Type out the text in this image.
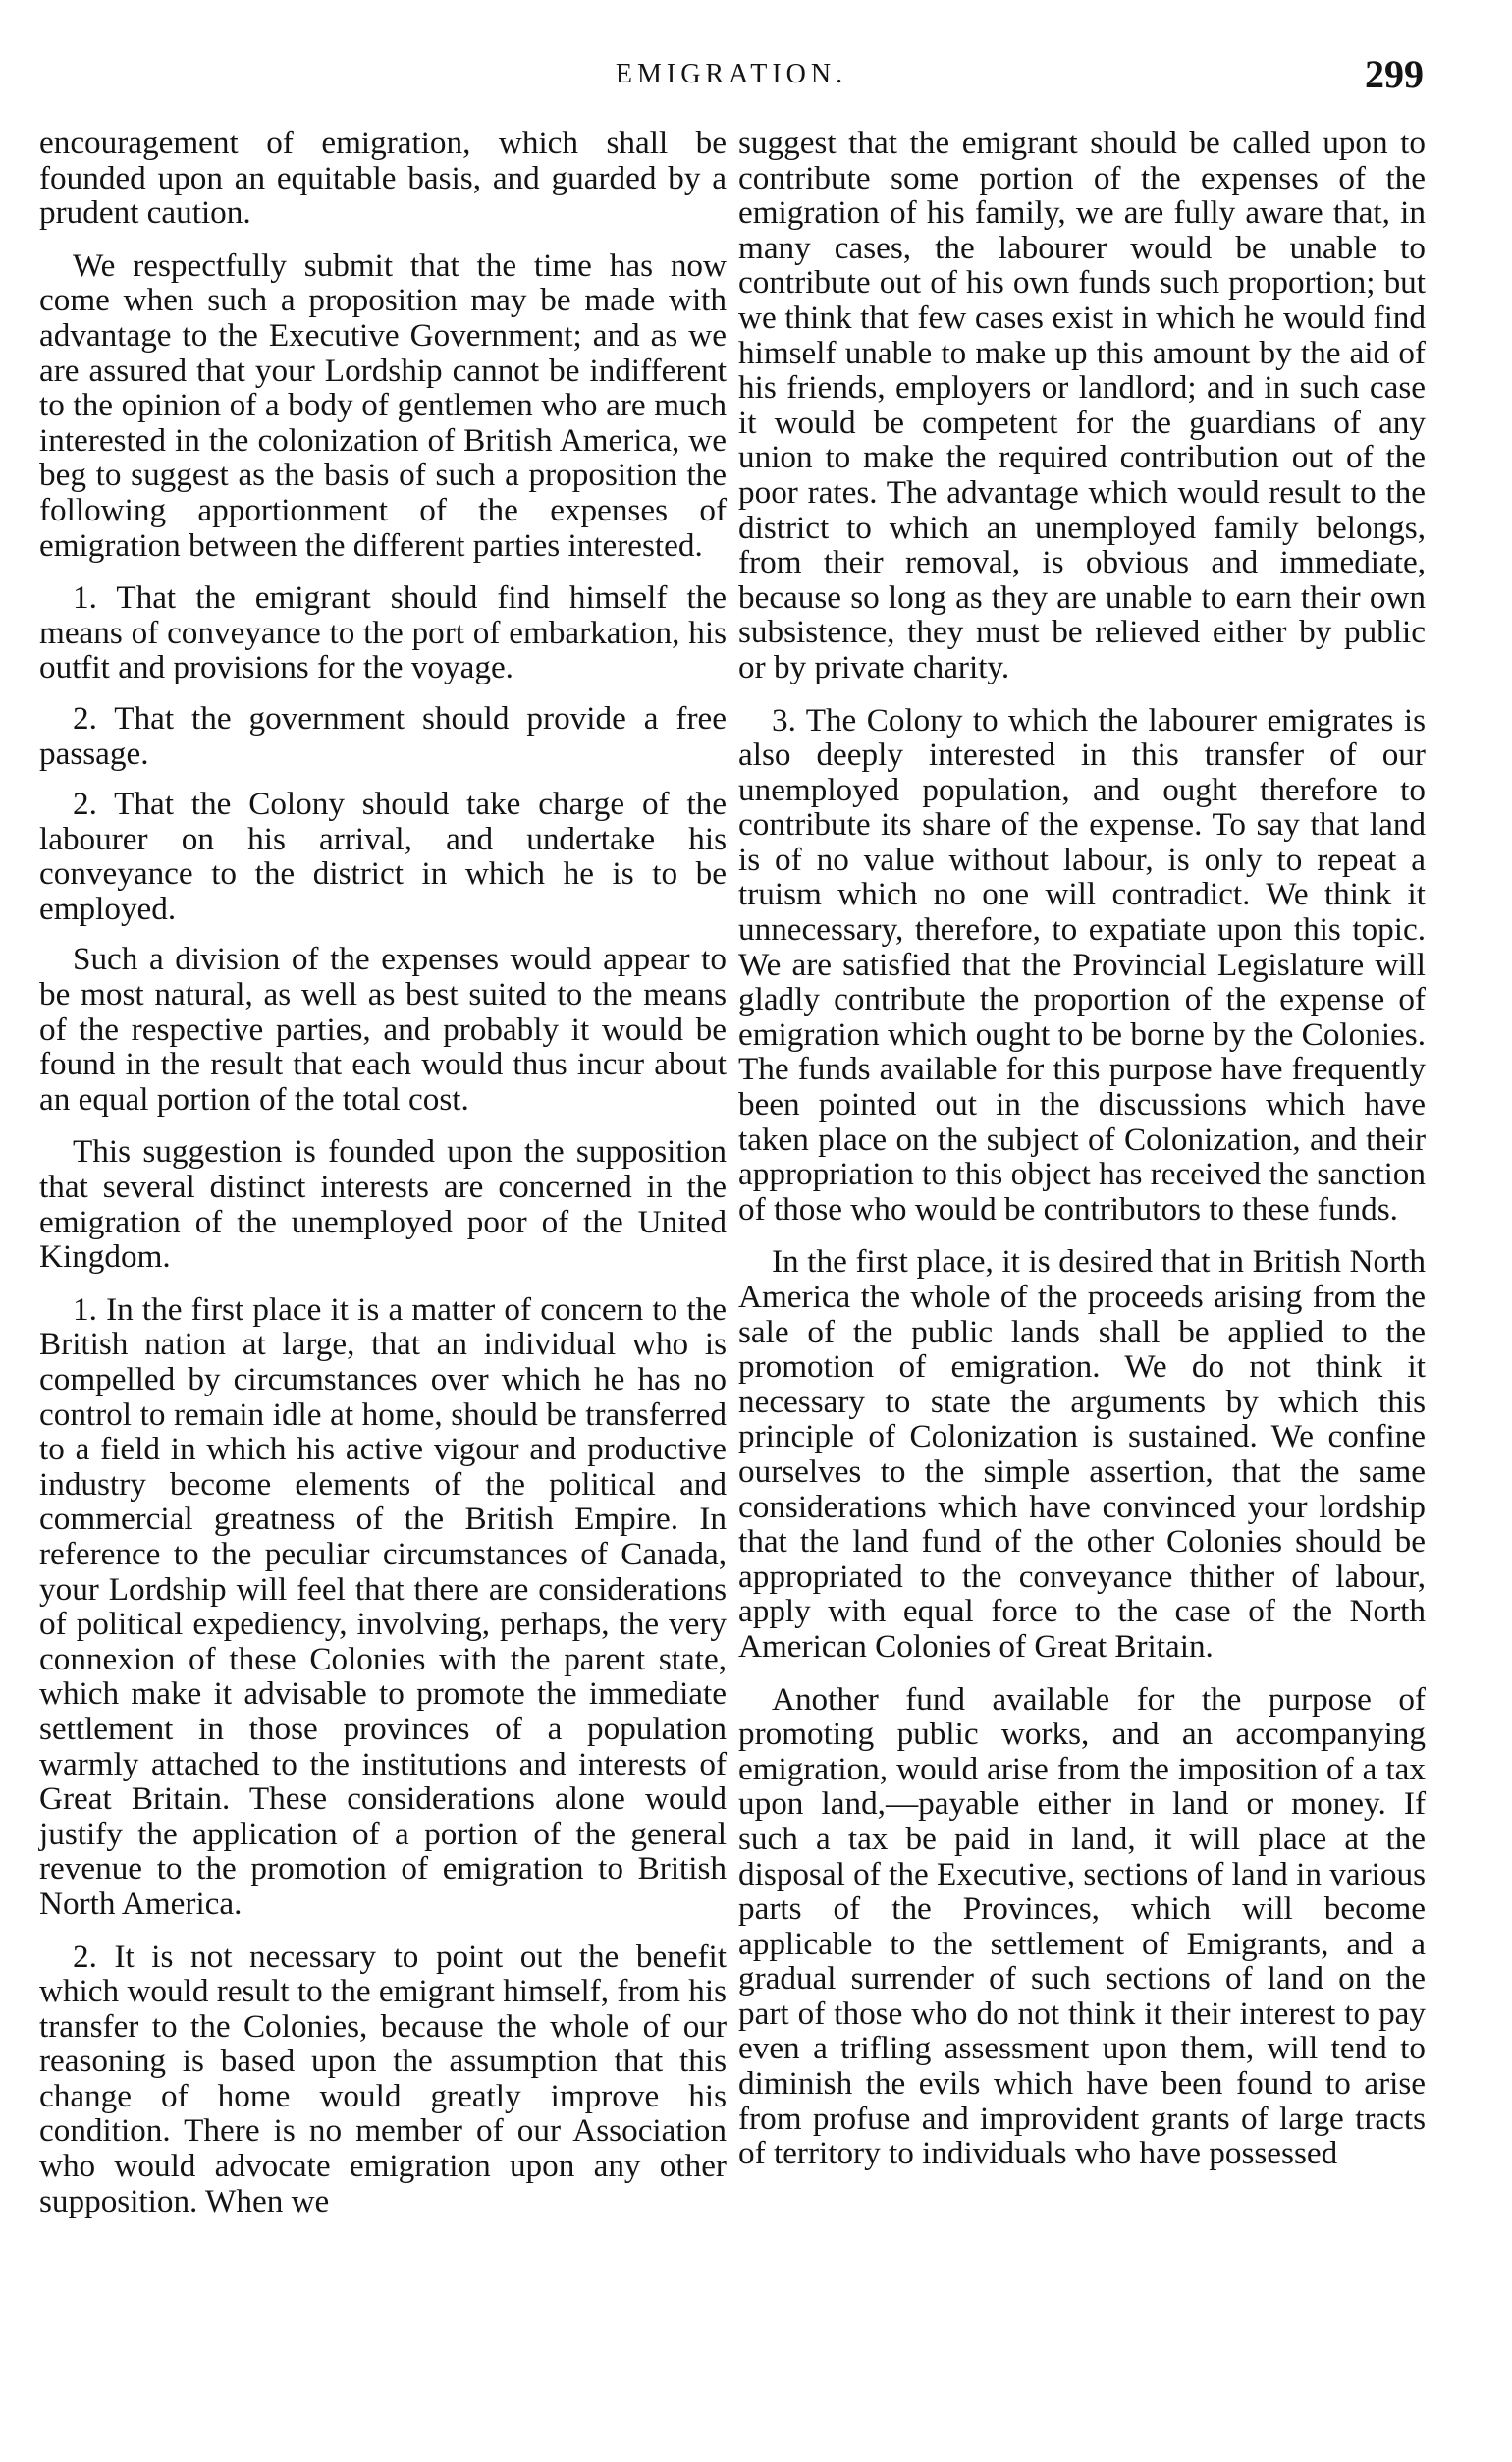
EMIGRATION.	299

encouragement of emigration, which shall be founded upon an equitable basis, and guarded by a prudent caution.

We respectfully submit that the time has now come when such a proposition may be made with advantage to the Executive Government; and as we are assured that your Lordship cannot be indifferent to the opinion of a body of gentlemen who are much interested in the colonization of British America, we beg to suggest as the basis of such a proposition the following apportionment of the expenses of emigration between the different parties interested.

1. That the emigrant should find himself the means of conveyance to the port of embarkation, his outfit and provisions for the voyage.

2. That the government should provide a free passage.

2. That the Colony should take charge of the labourer on his arrival, and undertake his conveyance to the district in which he is to be employed.

Such a division of the expenses would appear to be most natural, as well as best suited to the means of the respective parties, and probably it would be found in the result that each would thus incur about an equal portion of the total cost.

This suggestion is founded upon the supposition that several distinct interests are concerned in the emigration of the unemployed poor of the United Kingdom.

1. In the first place it is a matter of concern to the British nation at large, that an individual who is compelled by circumstances over which he has no control to remain idle at home, should be transferred to a field in which his active vigour and productive industry become elements of the political and commercial greatness of the British Empire. In reference to the peculiar circumstances of Canada, your Lordship will feel that there are considerations of political expediency, involving, perhaps, the very connexion of these Colonies with the parent state, which make it advisable to promote the immediate settlement in those provinces of a population warmly attached to the institutions and interests of Great Britain. These considerations alone would justify the application of a portion of the general revenue to the promotion of emigration to British North America.

2. It is not necessary to point out the benefit which would result to the emigrant himself, from his transfer to the Colonies, because the whole of our reasoning is based upon the assumption that this change of home would greatly improve his condition. There is no member of our Association who would advocate emigration upon any other supposition. When we

suggest that the emigrant should be called upon to contribute some portion of the expenses of the emigration of his family, we are fully aware that, in many cases, the labourer would be unable to contribute out of his own funds such proportion; but we think that few cases exist in which he would find himself unable to make up this amount by the aid of his friends, employers or landlord; and in such case it would be competent for the guardians of any union to make the required contribution out of the poor rates. The advantage which would result to the district to which an unemployed family belongs, from their removal, is obvious and immediate, because so long as they are unable to earn their own subsistence, they must be relieved either by public or by private charity.

3. The Colony to which the labourer emigrates is also deeply interested in this transfer of our unemployed population, and ought therefore to contribute its share of the expense. To say that land is of no value without labour, is only to repeat a truism which no one will contradict. We think it unnecessary, therefore, to expatiate upon this topic. We are satisfied that the Provincial Legislature will gladly contribute the proportion of the expense of emigration which ought to be borne by the Colonies. The funds available for this purpose have frequently been pointed out in the discussions which have taken place on the subject of Colonization, and their appropriation to this object has received the sanction of those who would be contributors to these funds.

In the first place, it is desired that in British North America the whole of the proceeds arising from the sale of the public lands shall be applied to the promotion of emigration. We do not think it necessary to state the arguments by which this principle of Colonization is sustained. We confine ourselves to the simple assertion, that the same considerations which have convinced your lordship that the land fund of the other Colonies should be appropriated to the conveyance thither of labour, apply with equal force to the case of the North American Colonies of Great Britain.

Another fund available for the purpose of promoting public works, and an accompanying emigration, would arise from the imposition of a tax upon land,—payable either in land or money. If such a tax be paid in land, it will place at the disposal of the Executive, sections of land in various parts of the Provinces, which will become applicable to the settlement of Emigrants, and a gradual surrender of such sections of land on the part of those who do not think it their interest to pay even a trifling assessment upon them, will tend to diminish the evils which have been found to arise from profuse and improvident grants of large tracts of territory to individuals who have possessed
